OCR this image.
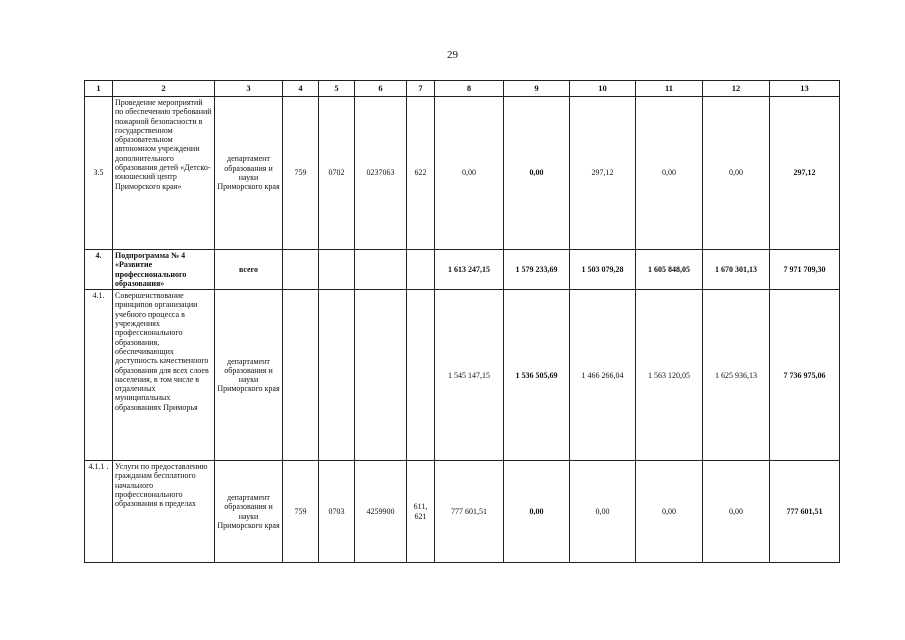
29
1	2	3	4	5	6	7	8	9	10	11	12	13
3.5	Проведение мероприятий по обеспечению требований пожарной безопасности в государственном образовательном автономном учреждении дополнительного образования детей «Детско-юношеский центр Приморского края»	департамент образования и науки Приморского края	759	0702	0237063	622	0,00	0,00	297,12	0,00	0,00	297,12
4.	Подпрограмма № 4 «Развитие профессионального образования»	всего					1 613 247,15	1 579 233,69	1 503 079,28	1 605 848,05	1 670 301,13	7 971 709,30
4.1.	Совершенствование принципов организации учебного процесса в учреждениях профессионального образования, обеспечивающих доступность качественного образования для всех слоев населения, в том числе в отдаленных муниципальных образованиях Приморья	департамент образования и науки Приморского края					1 545 147,15	1 536 505,69	1 466 266,04	1 563 120,05	1 625 936,13	7 736 975,06
4.1.1 .	Услуги по предоставлению гражданам бесплатного начального профессионального образования в пределах	департамент образования и науки Приморского края	759	0703	4259900	611, 621	777 601,51	0,00	0,00	0,00	0,00	777 601,51
